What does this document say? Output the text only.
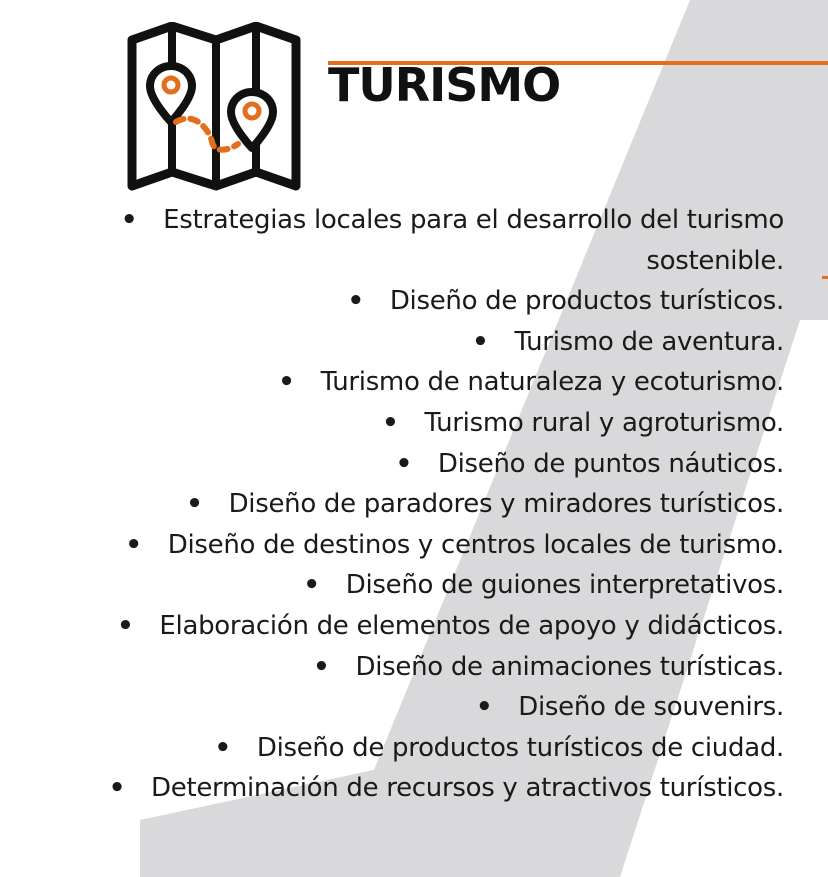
TURISMO
• Estrategias locales para el desarrollo del turismo sostenible.
• Diseño de productos turísticos.
• Turismo de aventura.
• Turismo de naturaleza y ecoturismo.
• Turismo rural y agroturismo.
• Diseño de puntos náuticos.
• Diseño de paradores y miradores turísticos.
• Diseño de destinos y centros locales de turismo.
• Diseño de guiones interpretativos.
• Elaboración de elementos de apoyo y didácticos.
• Diseño de animaciones turísticas.
• Diseño de souvenirs.
• Diseño de productos turísticos de ciudad.
• Determinación de recursos y atractivos turísticos.
